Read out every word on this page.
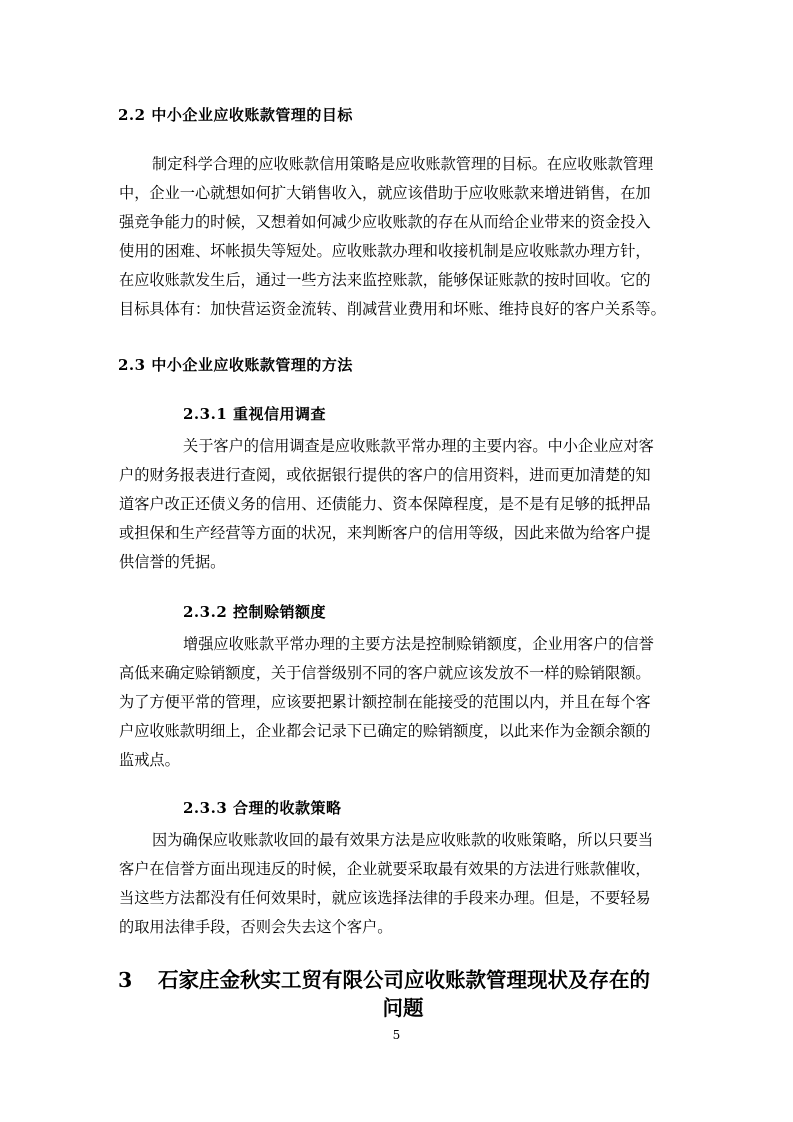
2.2 中小企业应收账款管理的目标
制定科学合理的应收账款信用策略是应收账款管理的目标。在应收账款管理
中，企业一心就想如何扩大销售收入，就应该借助于应收账款来增进销售，在加
强竞争能力的时候，又想着如何减少应收账款的存在从而给企业带来的资金投入
使用的困难、坏帐损失等短处。应收账款办理和收接机制是应收账款办理方针，
在应收账款发生后，通过一些方法来监控账款，能够保证账款的按时回收。它的
目标具体有：加快营运资金流转、削减营业费用和坏账、维持良好的客户关系等。
2.3 中小企业应收账款管理的方法
2.3.1 重视信用调查
关于客户的信用调查是应收账款平常办理的主要内容。中小企业应对客
户的财务报表进行查阅，或依据银行提供的客户的信用资料，进而更加清楚的知
道客户改正还债义务的信用、还债能力、资本保障程度，是不是有足够的抵押品
或担保和生产经营等方面的状况，来判断客户的信用等级，因此来做为给客户提
供信誉的凭据。
2.3.2 控制赊销额度
增强应收账款平常办理的主要方法是控制赊销额度，企业用客户的信誉
高低来确定赊销额度，关于信誉级别不同的客户就应该发放不一样的赊销限额。
为了方便平常的管理，应该要把累计额控制在能接受的范围以内，并且在每个客
户应收账款明细上，企业都会记录下已确定的赊销额度，以此来作为金额余额的
监戒点。
2.3.3 合理的收款策略
因为确保应收账款收回的最有效果方法是应收账款的收账策略，所以只要当
客户在信誉方面出现违反的时候，企业就要采取最有效果的方法进行账款催收，
当这些方法都没有任何效果时，就应该选择法律的手段来办理。但是，不要轻易
的取用法律手段，否则会失去这个客户。
3 石家庄金秋实工贸有限公司应收账款管理现状及存在的
问题
5
